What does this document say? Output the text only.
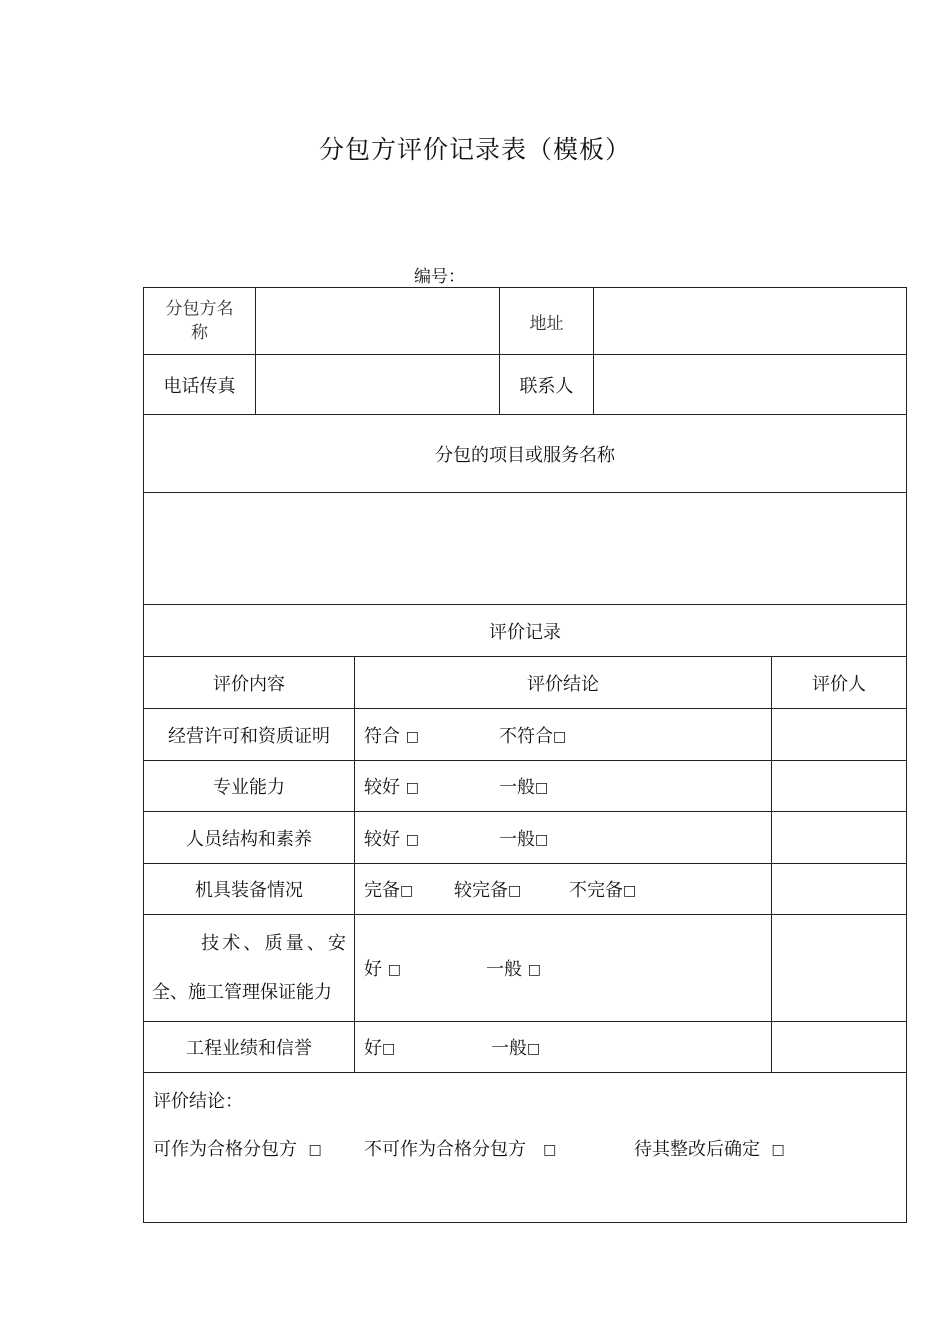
分包方评价记录表（模板）
编号：
分包方名称			地址		
电话传真			联系人		
分包的项目或服务名称					

评价记录					
评价内容		评价结论			评价人
经营许可和资质证明		符合 □ 不符合□			
专业能力		较好 □ 一般□			
人员结构和素养		较好 □ 一般□			
机具装备情况		完备□ 较完备□ 不完备□			
技术、质量、安全、施工管理保证能力		好 □ 一般 □			
工程业绩和信誉		好□ 一般□			

评价结论：
可作为合格分包方 □ 不可作为合格分包方 □ 待其整改后确定 □					
